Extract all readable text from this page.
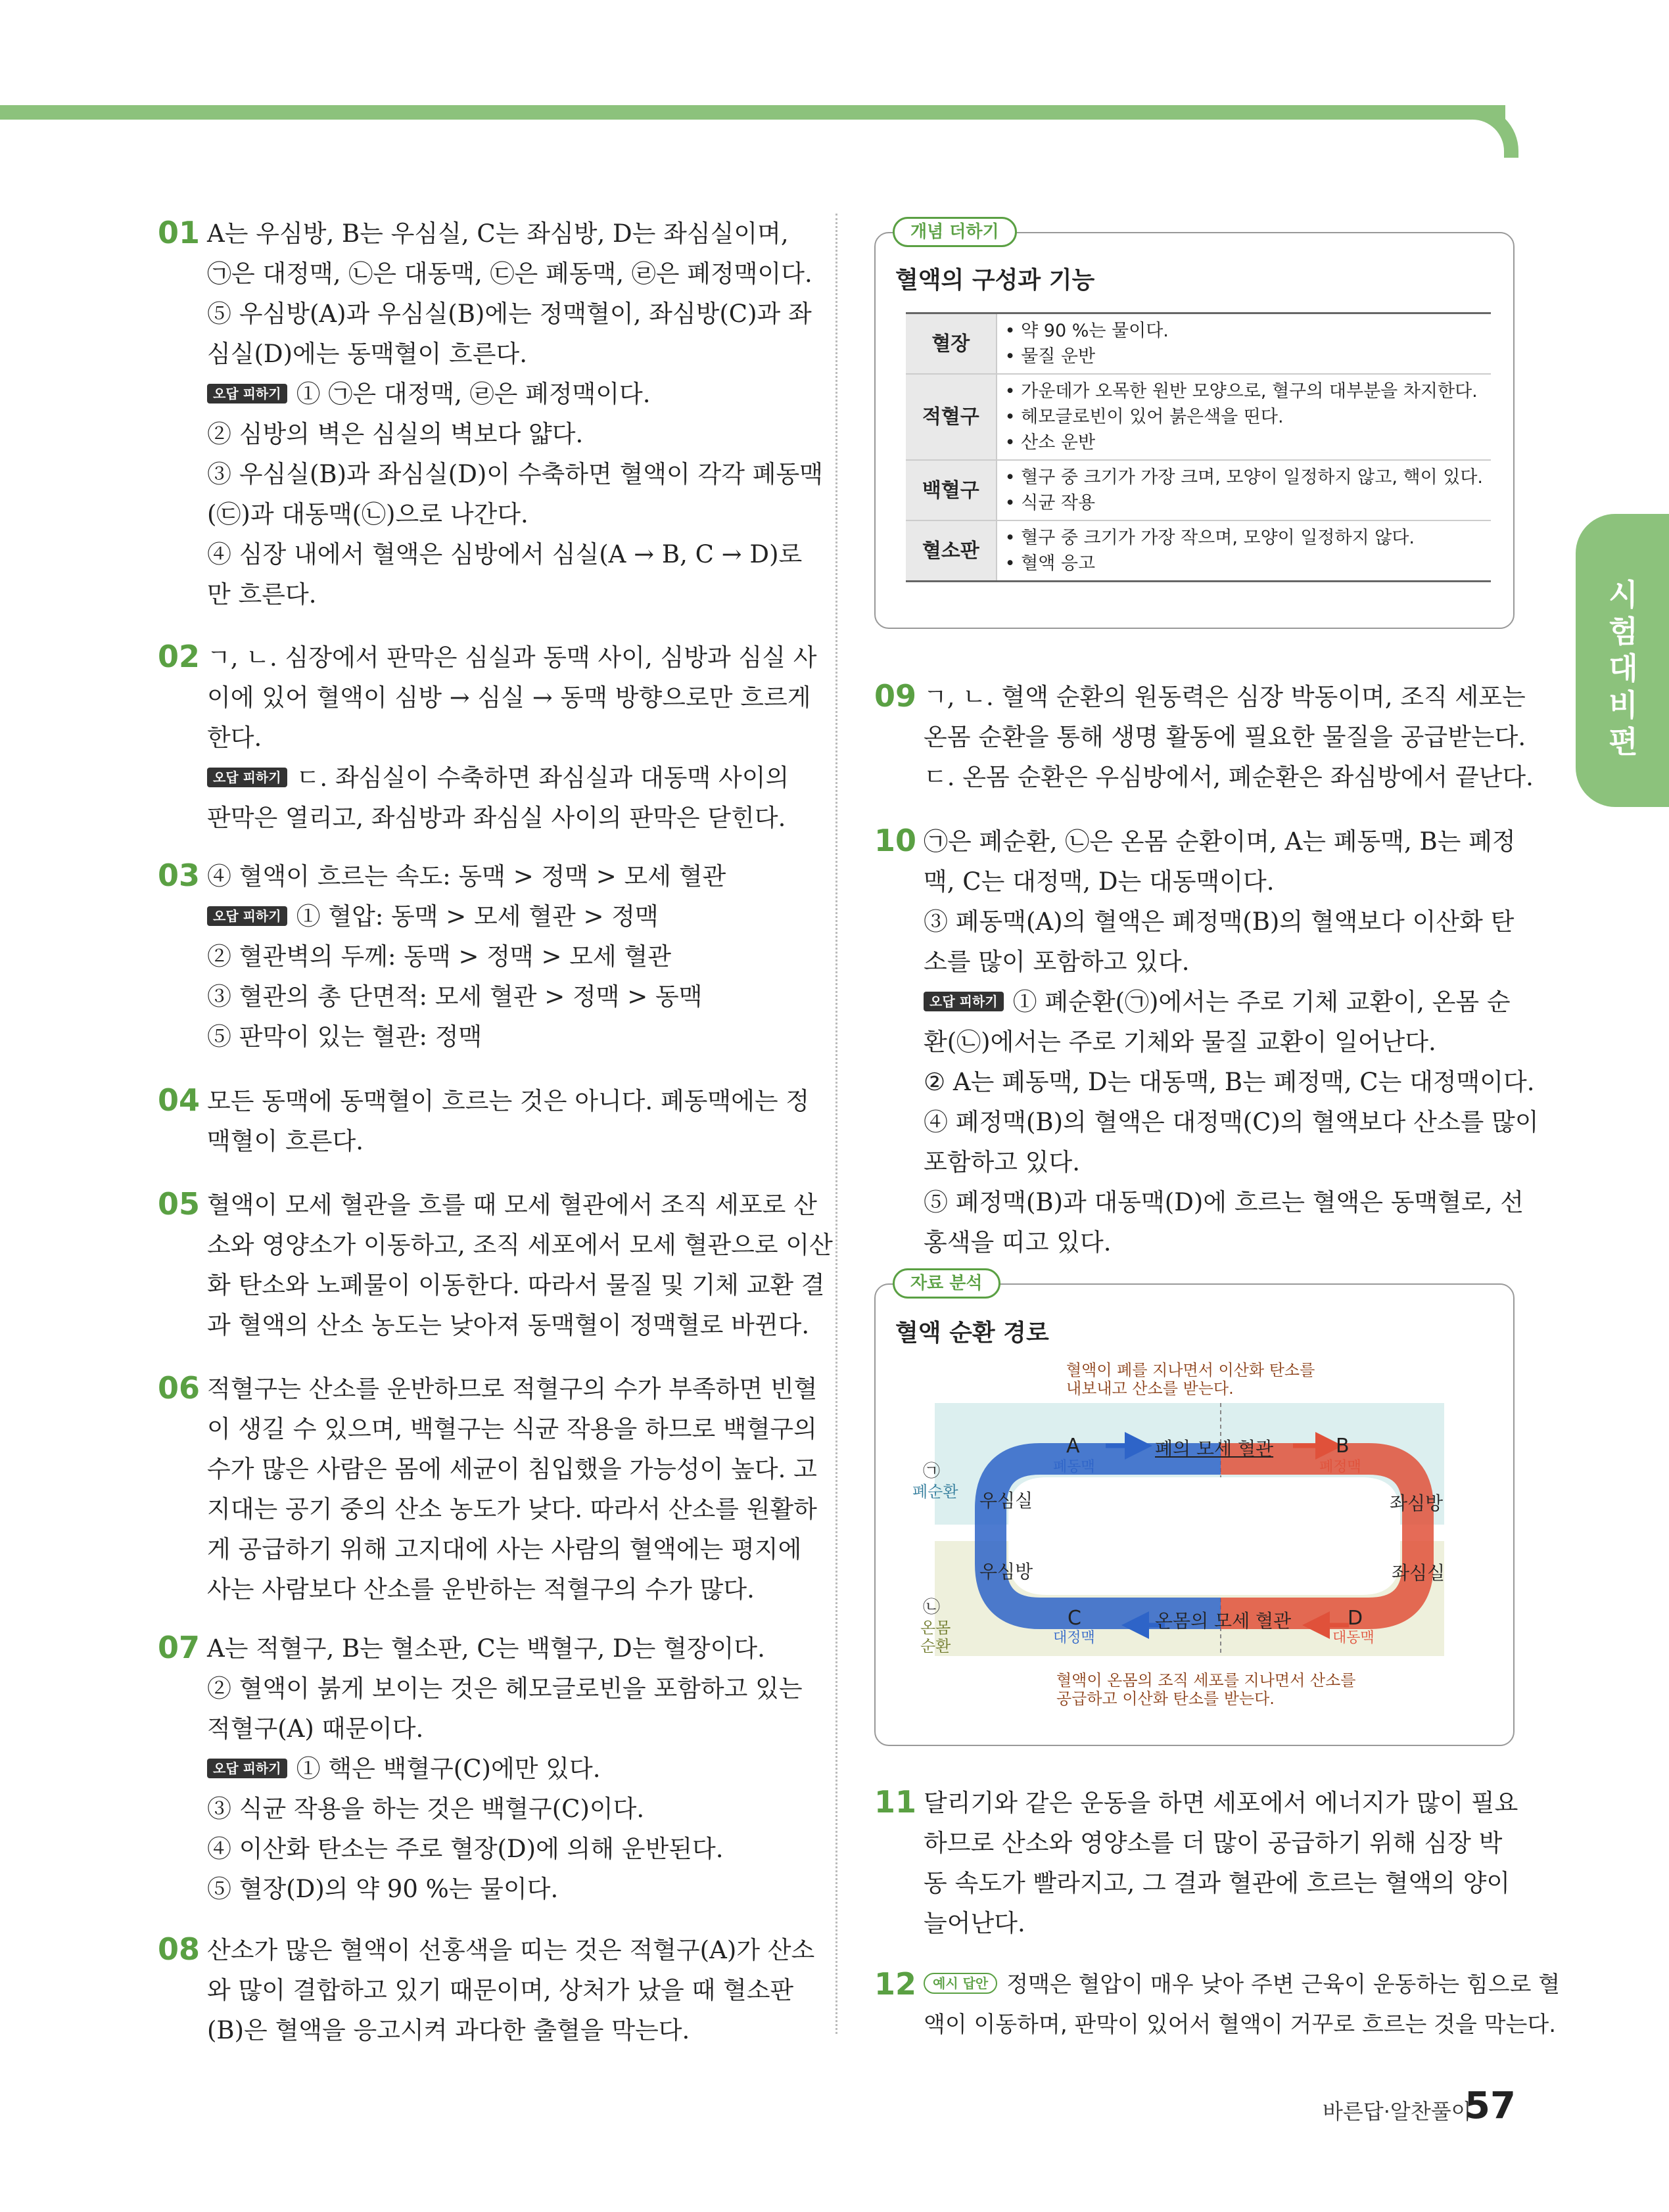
시험대비편
01 A는 우심방, B는 우심실, C는 좌심방, D는 좌심실이며,
㉠은 대정맥, ㉡은 대동맥, ㉢은 폐동맥, ㉣은 폐정맥이다.
⑤ 우심방(A)과 우심실(B)에는 정맥혈이, 좌심방(C)과 좌
심실(D)에는 동맥혈이 흐른다.
오답 피하기 ① ㉠은 대정맥, ㉣은 폐정맥이다.
② 심방의 벽은 심실의 벽보다 얇다.
③ 우심실(B)과 좌심실(D)이 수축하면 혈액이 각각 폐동맥
(㉢)과 대동맥(㉡)으로 나간다.
④ 심장 내에서 혈액은 심방에서 심실(A → B, C → D)로
만 흐른다.
02 ㄱ, ㄴ. 심장에서 판막은 심실과 동맥 사이, 심방과 심실 사
이에 있어 혈액이 심방 → 심실 → 동맥 방향으로만 흐르게
한다.
오답 피하기 ㄷ. 좌심실이 수축하면 좌심실과 대동맥 사이의
판막은 열리고, 좌심방과 좌심실 사이의 판막은 닫힌다.
03 ④ 혈액이 흐르는 속도: 동맥 > 정맥 > 모세 혈관
오답 피하기 ① 혈압: 동맥 > 모세 혈관 > 정맥
② 혈관벽의 두께: 동맥 > 정맥 > 모세 혈관
③ 혈관의 총 단면적: 모세 혈관 > 정맥 > 동맥
⑤ 판막이 있는 혈관: 정맥
04 모든 동맥에 동맥혈이 흐르는 것은 아니다. 폐동맥에는 정
맥혈이 흐른다.
05 혈액이 모세 혈관을 흐를 때 모세 혈관에서 조직 세포로 산
소와 영양소가 이동하고, 조직 세포에서 모세 혈관으로 이산
화 탄소와 노폐물이 이동한다. 따라서 물질 및 기체 교환 결
과 혈액의 산소 농도는 낮아져 동맥혈이 정맥혈로 바뀐다.
06 적혈구는 산소를 운반하므로 적혈구의 수가 부족하면 빈혈
이 생길 수 있으며, 백혈구는 식균 작용을 하므로 백혈구의
수가 많은 사람은 몸에 세균이 침입했을 가능성이 높다. 고
지대는 공기 중의 산소 농도가 낮다. 따라서 산소를 원활하
게 공급하기 위해 고지대에 사는 사람의 혈액에는 평지에
사는 사람보다 산소를 운반하는 적혈구의 수가 많다.
07 A는 적혈구, B는 혈소판, C는 백혈구, D는 혈장이다.
② 혈액이 붉게 보이는 것은 헤모글로빈을 포함하고 있는
적혈구(A) 때문이다.
오답 피하기 ① 핵은 백혈구(C)에만 있다.
③ 식균 작용을 하는 것은 백혈구(C)이다.
④ 이산화 탄소는 주로 혈장(D)에 의해 운반된다.
⑤ 혈장(D)의 약 90 %는 물이다.
08 산소가 많은 혈액이 선홍색을 띠는 것은 적혈구(A)가 산소
와 많이 결합하고 있기 때문이며, 상처가 났을 때 혈소판
(B)은 혈액을 응고시켜 과다한 출혈을 막는다.
09 ㄱ, ㄴ. 혈액 순환의 원동력은 심장 박동이며, 조직 세포는
온몸 순환을 통해 생명 활동에 필요한 물질을 공급받는다.
ㄷ. 온몸 순환은 우심방에서, 폐순환은 좌심방에서 끝난다.
10 ㉠은 폐순환, ㉡은 온몸 순환이며, A는 폐동맥, B는 폐정
맥, C는 대정맥, D는 대동맥이다.
③ 폐동맥(A)의 혈액은 폐정맥(B)의 혈액보다 이산화 탄
소를 많이 포함하고 있다.
오답 피하기 ① 폐순환(㉠)에서는 주로 기체 교환이, 온몸 순
환(㉡)에서는 주로 기체와 물질 교환이 일어난다.
② A는 폐동맥, D는 대동맥, B는 폐정맥, C는 대정맥이다.
④ 폐정맥(B)의 혈액은 대정맥(C)의 혈액보다 산소를 많이
포함하고 있다.
⑤ 폐정맥(B)과 대동맥(D)에 흐르는 혈액은 동맥혈로, 선
홍색을 띠고 있다.
11 달리기와 같은 운동을 하면 세포에서 에너지가 많이 필요
하므로 산소와 영양소를 더 많이 공급하기 위해 심장 박
동 속도가 빨라지고, 그 결과 혈관에 흐르는 혈액의 양이
늘어난다.
12	예시 답안 정맥은 혈압이 매우 낮아 주변 근육이 운동하는 힘으로 혈
액이 이동하며, 판막이 있어서 혈액이 거꾸로 흐르는 것을 막는다.
개념 더하기
혈액의 구성과 기능
혈장	• 약 90 %는 물이다.
• 물질 운반

적혈구	• 가운데가 오목한 원반 모양으로, 혈구의 대부분을 차지한다.
• 헤모글로빈이 있어 붉은색을 띤다.
• 산소 운반

백혈구	• 혈구 중 크기가 가장 크며, 모양이 일정하지 않고, 핵이 있다.
• 식균 작용

혈소판	• 혈구 중 크기가 가장 작으며, 모양이 일정하지 않다.
• 혈액 응고
자료 분석
혈액 순환 경로
혈액이 폐를 지나면서 이산화 탄소를
내보내고 산소를 받는다.
A
폐동맥
폐의 모세 혈관	B
폐정맥
우심실	좌심방
우심방	좌심실
C
대정맥
온몸의 모세 혈관	D
대동맥
㉠
폐순환
㉡
온몸
순환
혈액이 온몸의 조직 세포를 지나면서 산소를
공급하고 이산화 탄소를 받는다.
바른답·알찬풀이
57
